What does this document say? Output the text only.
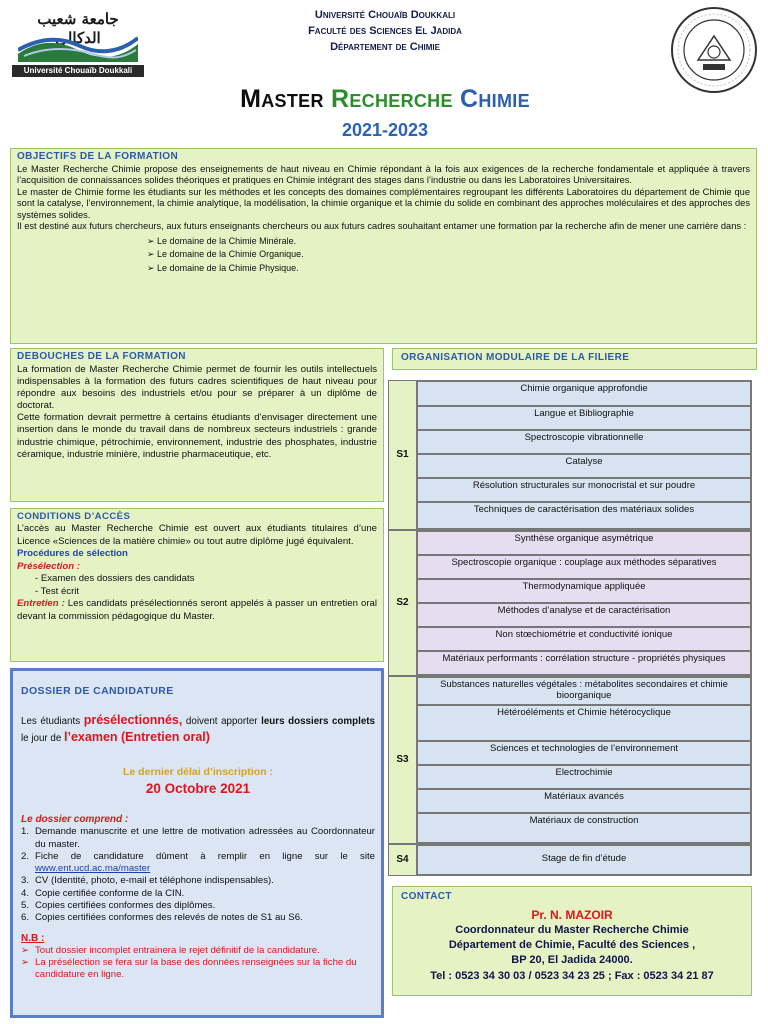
جامعة شعيب الدكالي
Université Chouaïb Doukkali
Université Chouaïb Doukkali
Faculté des Sciences El Jadida
Département de Chimie
Master Recherche Chimie
2021-2023
OBJECTIFS DE LA FORMATION

Le Master Recherche Chimie propose des enseignements de haut niveau en Chimie répondant à la fois aux exigences de la recherche fondamentale et appliquée à travers l’acquisition de connaissances solides théoriques et pratiques en Chimie intégrant des stages dans l’industrie ou dans les Laboratoires Universitaires.

Le master de Chimie forme les étudiants sur les méthodes et les concepts des domaines complémentaires regroupant les différents Laboratoires du département de Chimie que sont la catalyse, l’environnement, la chimie analytique, la modélisation, la chimie organique et la chimie du solide en combinant des approches moléculaires et des approches des systèmes solides.

Il est destiné aux futurs chercheurs, aux futurs enseignants chercheurs ou aux futurs cadres souhaitant entamer une formation par la recherche afin de mener une carrière dans :

➢ Le domaine de la Chimie Minérale.
➢ Le domaine de la Chimie Organique.
➢ Le domaine de la Chimie Physique.
DEBOUCHES DE LA FORMATION

La formation de Master Recherche Chimie permet de fournir les outils intellectuels indispensables à la formation des futurs cadres scientifiques de haut niveau pour répondre aux besoins des industriels et/ou pour se préparer à un diplôme de doctorat.

Cette formation devrait permettre à certains étudiants d’envisager directement une insertion dans le monde du travail dans de nombreux secteurs industriels : grande industrie chimique, pétrochimie, environnement, industrie des phosphates, industrie céramique, industrie minière, industrie pharmaceutique, etc.

CONDITIONS D’ACCÈS

L’accès au Master Recherche Chimie est ouvert aux étudiants titulaires d’une Licence «Sciences de la matière chimie» ou tout autre diplôme jugé équivalent.

Procédures de sélection
Présélection :
- Examen des dossiers des candidats
- Test écrit

Entretien : Les candidats présélectionnés seront appelés à passer un entretien oral devant la commission pédagogique du Master.

DOSSIER DE CANDIDATURE

Les étudiants présélectionnés, doivent apporter leurs dossiers complets le jour de l’examen (Entretien oral)

Le dernier délai d’inscription :
20 Octobre 2021
Le dossier comprend :
1. Demande manuscrite et une lettre de motivation adressées au Coordonnateur du master.
2. Fiche de candidature dûment à remplir en ligne sur le site www.ent.ucd.ac.ma/master
3. CV (Identité, photo, e-mail et téléphone indispensables).
4. Copie certifiée conforme de la CIN.
5. Copies certifiées conformes des diplômes.
6. Copies certifiées conformes des relevés de notes de S1 au S6.
N.B :
➢ Tout dossier incomplet entrainera le rejet définitif de la candidature.
➢ La présélection se fera sur la base des données renseignées sur la fiche du candidature en ligne.
ORGANISATION MODULAIRE DE LA FILIERE
S1
Chimie organique approfondie
Langue et Bibliographie
Spectroscopie vibrationnelle
Catalyse
Résolution structurales sur monocristal et sur poudre
Techniques de caractérisation des matériaux solides
S2
Synthèse organique asymétrique
Spectroscopie organique : couplage aux méthodes séparatives
Thermodynamique appliquée
Méthodes d’analyse et de caractérisation
Non stœchiométrie et conductivité ionique
Matériaux performants : corrélation structure - propriétés physiques
S3
Substances naturelles végétales : métabolites secondaires et chimie bioorganique
Hétéroéléments et Chimie hétérocyclique
Sciences et technologies de l’environnement
Electrochimie
Matériaux avancés
Matériaux de construction
S4	Stage de fin d’étude
CONTACT
Pr. N. MAZOIR
Coordonnateur du Master Recherche Chimie
Département de Chimie, Faculté des Sciences ,
BP 20, El Jadida 24000.
Tel : 0523 34 30 03 / 0523 34 23 25 ; Fax : 0523 34 21 87
